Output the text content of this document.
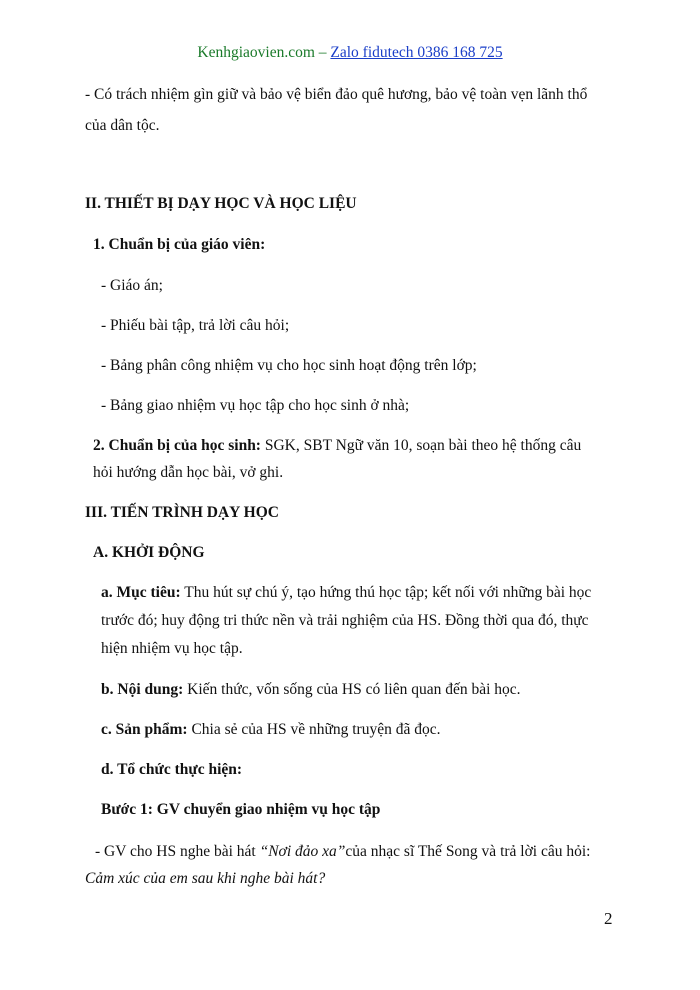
Kenhgiaovien.com – Zalo fidutech 0386 168 725
- Có trách nhiệm gìn giữ và bảo vệ biển đảo quê hương, bảo vệ toàn vẹn lãnh thổ
của dân tộc.
II. THIẾT BỊ DẠY HỌC VÀ HỌC LIỆU
1. Chuẩn bị của giáo viên:
- Giáo án;
- Phiếu bài tập, trả lời câu hỏi;
- Bảng phân công nhiệm vụ cho học sinh hoạt động trên lớp;
- Bảng giao nhiệm vụ học tập cho học sinh ở nhà;
2. Chuẩn bị của học sinh: SGK, SBT Ngữ văn 10, soạn bài theo hệ thống câu
hỏi hướng dẫn học bài, vở ghi.
III. TIẾN TRÌNH DẠY HỌC
A. KHỞI ĐỘNG
a. Mục tiêu: Thu hút sự chú ý, tạo hứng thú học tập; kết nối với những bài học
trước đó; huy động tri thức nền và trải nghiệm của HS. Đồng thời qua đó, thực
hiện nhiệm vụ học tập.
b. Nội dung: Kiến thức, vốn sống của HS có liên quan đến bài học.
c. Sản phẩm: Chia sẻ của HS về những truyện đã đọc.
d. Tổ chức thực hiện:
Bước 1: GV chuyển giao nhiệm vụ học tập
- GV cho HS nghe bài hát “Nơi đảo xa”của nhạc sĩ Thế Song và trả lời câu hỏi:
Cảm xúc của em sau khi nghe bài hát?
2
